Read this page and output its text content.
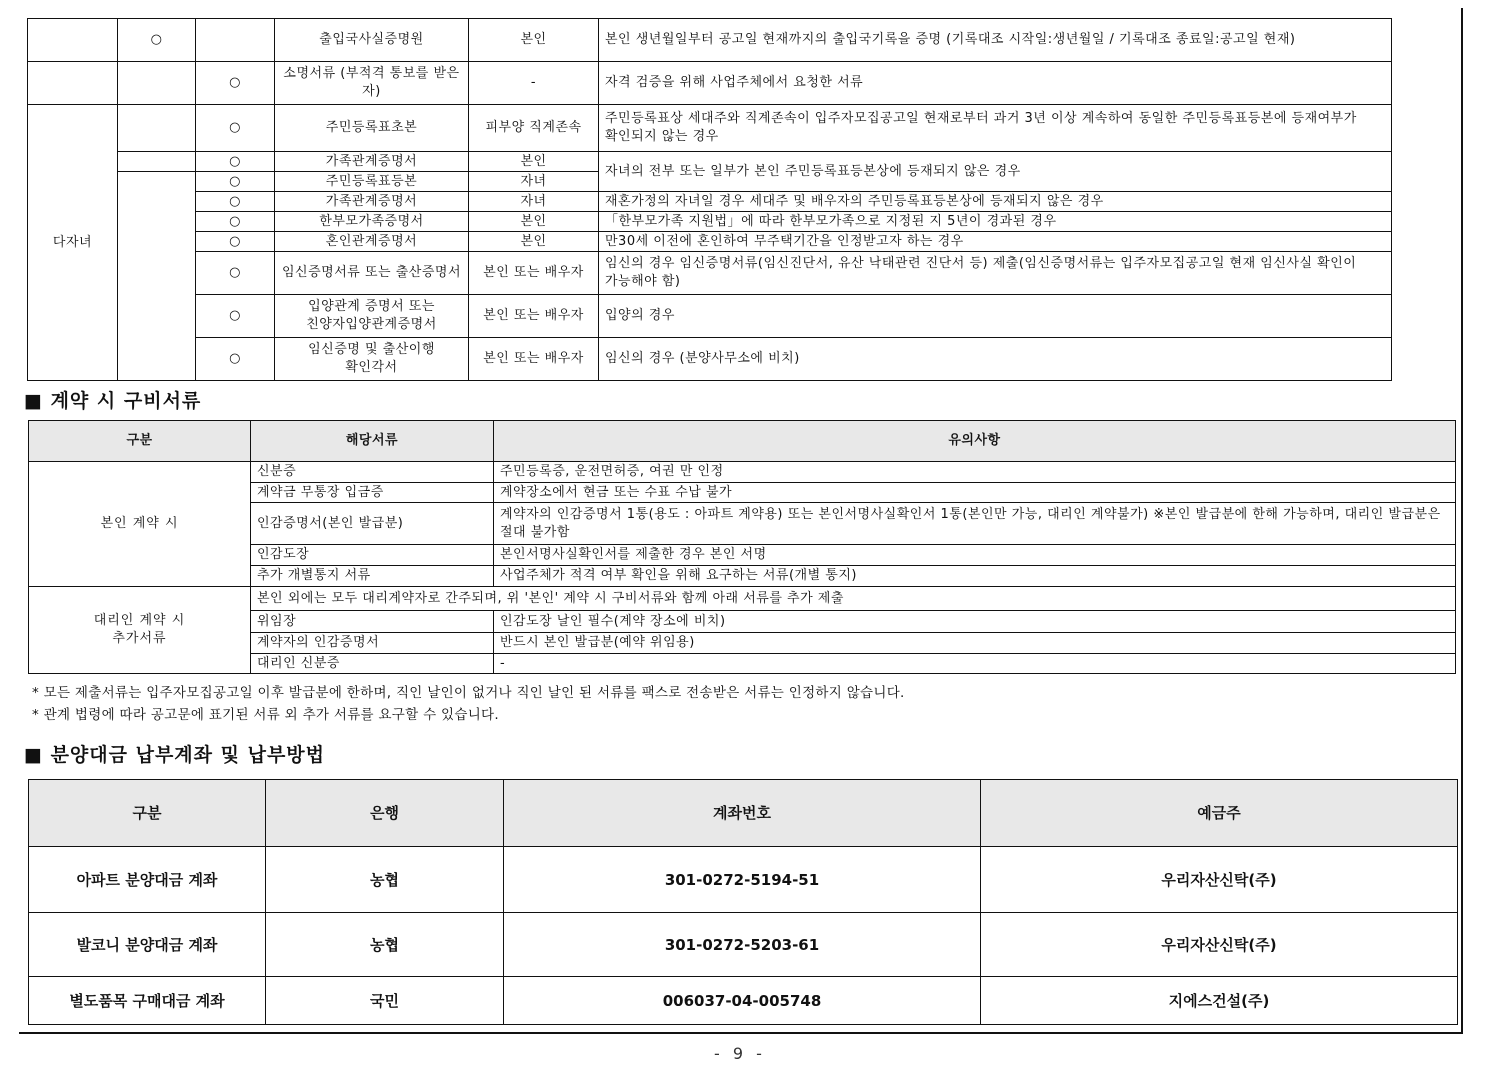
	○		출입국사실증명원	본인	본인 생년월일부터 공고일 현재까지의 출입국기록을 증명 (기록대조 시작일:생년월일 / 기록대조 종료일:공고일 현재)
		○	소명서류 (부적격 통보를 받은 자)	-	자격 검증을 위해 사업주체에서 요청한 서류
다자녀		○	주민등록표초본	피부양 직계존속	주민등록표상 세대주와 직계존속이 입주자모집공고일 현재로부터 과거 3년 이상 계속하여 동일한 주민등록표등본에 등재여부가 확인되지 않는 경우
		○	가족관계증명서	본인	자녀의 전부 또는 일부가 본인 주민등록표등본상에 등재되지 않은 경우
		○	주민등록표등본	자녀	
		○	가족관계증명서	자녀	재혼가정의 자녀일 경우 세대주 및 배우자의 주민등록표등본상에 등재되지 않은 경우
		○	한부모가족증명서	본인	「한부모가족 지원법」에 따라 한부모가족으로 지정된 지 5년이 경과된 경우
		○	혼인관계증명서	본인	만30세 이전에 혼인하여 무주택기간을 인정받고자 하는 경우
		○	임신증명서류 또는 출산증명서	본인 또는 배우자	임신의 경우 임신증명서류(임신진단서, 유산 낙태관련 진단서 등) 제출(임신증명서류는 입주자모집공고일 현재 임신사실 확인이 가능해야 함)
		○	입양관계 증명서 또는 친양자입양관계증명서	본인 또는 배우자	입양의 경우
		○	임신증명 및 출산이행 확인각서	본인 또는 배우자	임신의 경우 (분양사무소에 비치)
■ 계약 시 구비서류
구분	해당서류	유의사항
본인 계약 시	신분증	주민등록증, 운전면허증, 여권 만 인정
	계약금 무통장 입금증	계약장소에서 현금 또는 수표 수납 불가
	인감증명서(본인 발급분)	계약자의 인감증명서 1통(용도 : 아파트 계약용) 또는 본인서명사실확인서 1통(본인만 가능, 대리인 계약불가) ※본인 발급분에 한해 가능하며, 대리인 발급분은 절대 불가함
	인감도장	본인서명사실확인서를 제출한 경우 본인 서명
	추가 개별통지 서류	사업주체가 적격 여부 확인을 위해 요구하는 서류(개별 통지)
대리인 계약 시 추가서류	본인 외에는 모두 대리계약자로 간주되며, 위 '본인' 계약 시 구비서류와 함께 아래 서류를 추가 제출	
	위임장	인감도장 날인 필수(계약 장소에 비치)
	계약자의 인감증명서	반드시 본인 발급분(예약 위임용)
	대리인 신분증	-
* 모든 제출서류는 입주자모집공고일 이후 발급분에 한하며, 직인 날인이 없거나 직인 날인 된 서류를 팩스로 전송받은 서류는 인정하지 않습니다.
* 관계 법령에 따라 공고문에 표기된 서류 외 추가 서류를 요구할 수 있습니다.
■ 분양대금 납부계좌 및 납부방법
구분	은행	계좌번호	예금주
아파트 분양대금 계좌	농협	301-0272-5194-51	우리자산신탁(주)
발코니 분양대금 계좌	농협	301-0272-5203-61	우리자산신탁(주)
별도품목 구매대금 계좌	국민	006037-04-005748	지에스건설(주)
- 9 -
